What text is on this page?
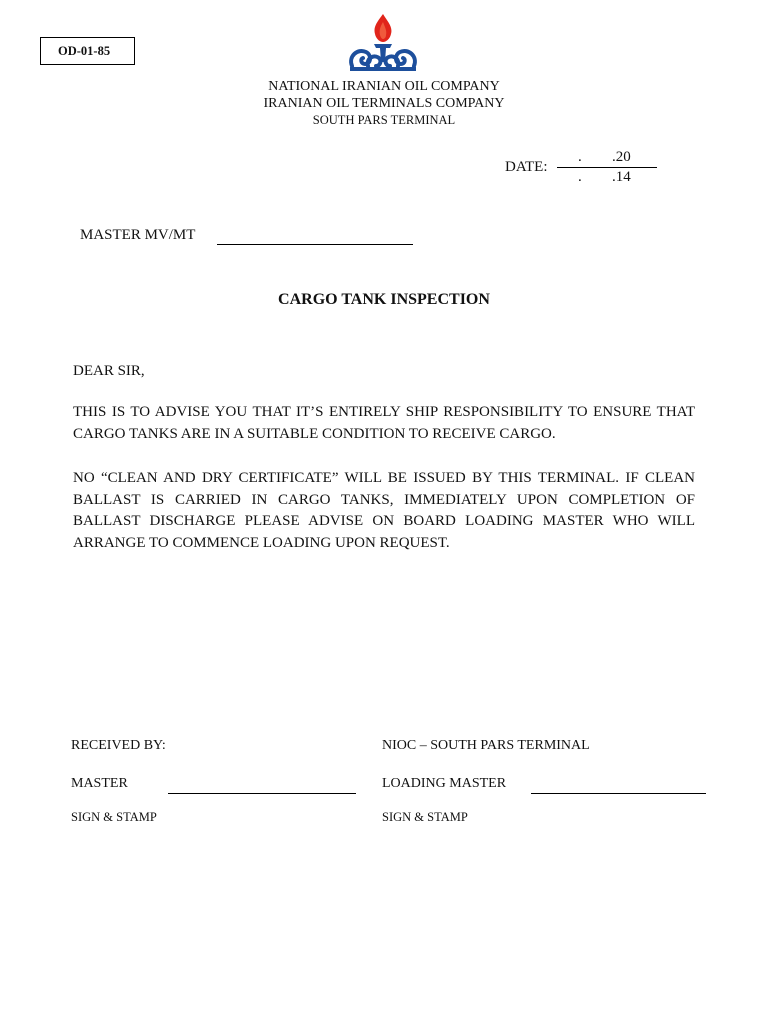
OD-01-85
NATIONAL IRANIAN OIL COMPANY
IRANIAN OIL TERMINALS COMPANY
SOUTH PARS TERMINAL
DATE:
. .20
. .14
MASTER MV/MT
CARGO TANK INSPECTION
DEAR SIR,
THIS IS TO ADVISE YOU THAT IT’S ENTIRELY SHIP RESPONSIBILITY TO ENSURE THAT CARGO TANKS ARE IN A SUITABLE CONDITION TO RECEIVE CARGO.
NO “CLEAN AND DRY CERTIFICATE” WILL BE ISSUED BY THIS TERMINAL. IF CLEAN BALLAST IS CARRIED IN CARGO TANKS, IMMEDIATELY UPON COMPLETION OF BALLAST DISCHARGE PLEASE ADVISE ON BOARD LOADING MASTER WHO WILL ARRANGE TO COMMENCE LOADING UPON REQUEST.
RECEIVED BY:
MASTER
SIGN & STAMP
NIOC – SOUTH PARS TERMINAL
LOADING MASTER
SIGN & STAMP
